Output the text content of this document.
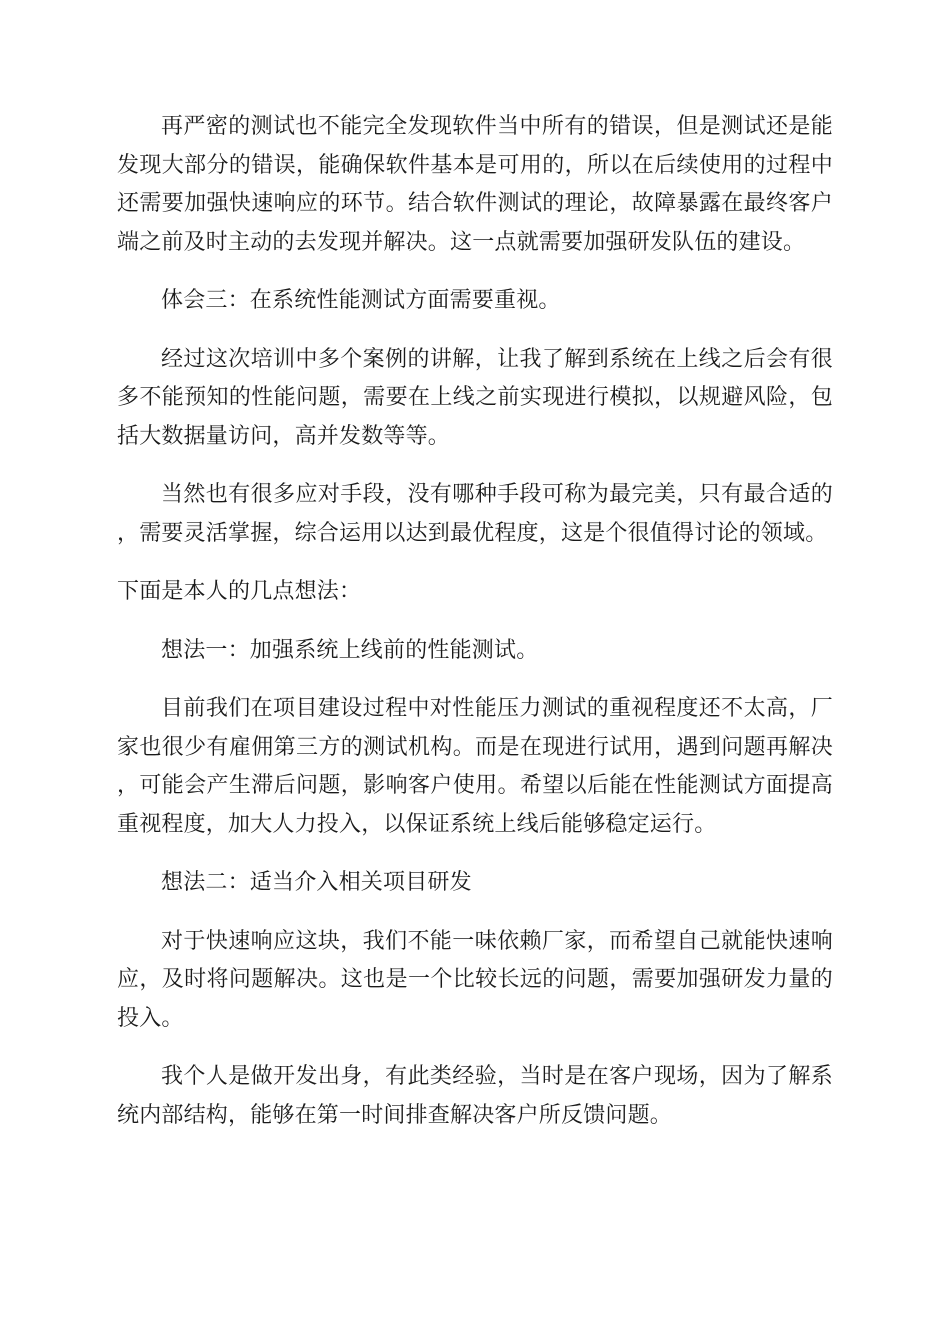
再严密的测试也不能完全发现软件当中所有的错误，但是测试还是能发现大部分的错误，能确保软件基本是可用的，所以在后续使用的过程中还需要加强快速响应的环节。结合软件测试的理论，故障暴露在最终客户端之前及时主动的去发现并解决。这一点就需要加强研发队伍的建设。

体会三：在系统性能测试方面需要重视。

经过这次培训中多个案例的讲解，让我了解到系统在上线之后会有很多不能预知的性能问题，需要在上线之前实现进行模拟，以规避风险，包括大数据量访问，高并发数等等。

当然也有很多应对手段，没有哪种手段可称为最完美，只有最合适的，需要灵活掌握，综合运用以达到最优程度，这是个很值得讨论的领域。

下面是本人的几点想法：

想法一：加强系统上线前的性能测试。

目前我们在项目建设过程中对性能压力测试的重视程度还不太高，厂家也很少有雇佣第三方的测试机构。而是在现进行试用，遇到问题再解决，可能会产生滞后问题，影响客户使用。希望以后能在性能测试方面提高重视程度，加大人力投入，以保证系统上线后能够稳定运行。

想法二：适当介入相关项目研发

对于快速响应这块，我们不能一味依赖厂家，而希望自己就能快速响应，及时将问题解决。这也是一个比较长远的问题，需要加强研发力量的投入。

我个人是做开发出身，有此类经验，当时是在客户现场，因为了解系统内部结构，能够在第一时间排查解决客户所反馈问题。
